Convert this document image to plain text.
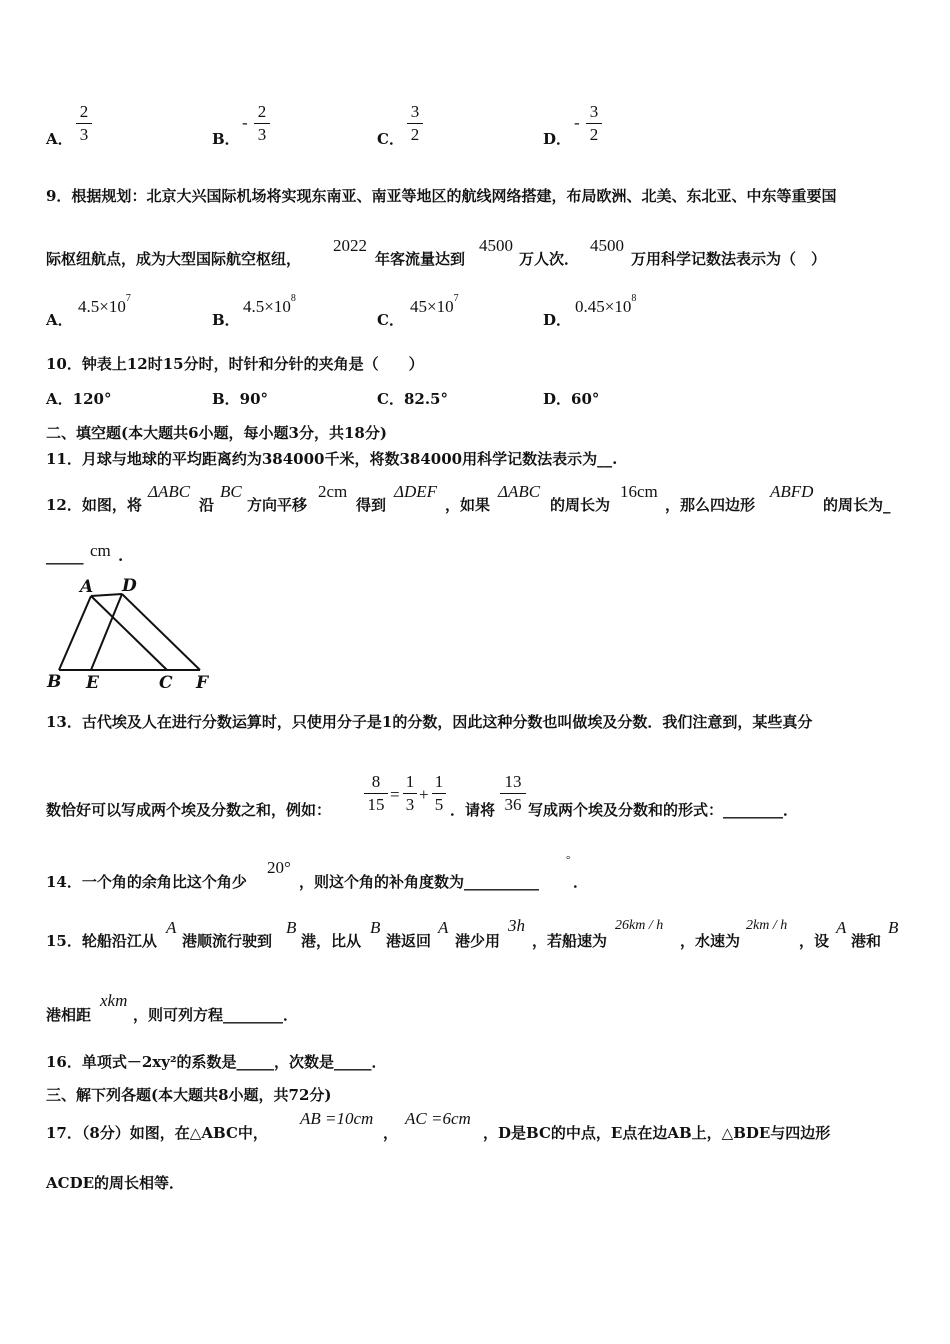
A．
2
3	B．
-
2
3	C．
3
2	D．
-
3
2
9．根据规划：北京大兴国际机场将实现东南亚、南亚等地区的航线网络搭建，布局欧洲、北美、东北亚、中东等重要国
际枢纽航点，成为大型国际航空枢纽，
2022
年客流量达到
4500
万人次．
4500
万用科学记数法表示为（　）
A．
$4.5\times 10^7$
B．
$4.5\times 10^8$
C．
$45\times 10^7$
D．
$0.45\times 10^8$
10．钟表上12时15分时，时针和分针的夹角是（　　）
A．120°	B．90°	C．82.5°	D．60°
二、填空题(本大题共6小题，每小题3分，共18分)
11．月球与地球的平均距离约为384000千米，将数384000用科学记数法表示为__.
12．如图，将
ΔABC
沿
BC
方向平移
2cm
得到
ΔDEF
，如果
ΔABC
的周长为
16cm
，那么四边形
ABFD
的周长为_
_____ cm .
A D
B E	C F
13．古代埃及人在进行分数运算时，只使用分子是1的分数，因此这种分数也叫做埃及分数．我们注意到，某些真分
数恰好可以写成两个埃及分数之和，例如：
8
15
=
1
3
+
1
5 ．请将
13
36 写成两个埃及分数和的形式：________．
14．一个角的余角比这个角少
20°
，则这个角的补角度数为__________
°
．
15．轮船沿江从
A
港顺流行驶到
B
港，比从
B
港返回
A
港少用
3h
，若船速为
26km / h
，水速为
2km / h
，设
A
港和
B
港相距
xkm
，则可列方程________．
16．单项式－2xy²的系数是_____，次数是_____．
三、解下列各题(本大题共8小题，共72分)
17．（8分）如图，在△ABC中，
AB =10cm
，
AC =6cm
，D是BC的中点，E点在边AB上，△BDE与四边形
ACDE的周长相等．
